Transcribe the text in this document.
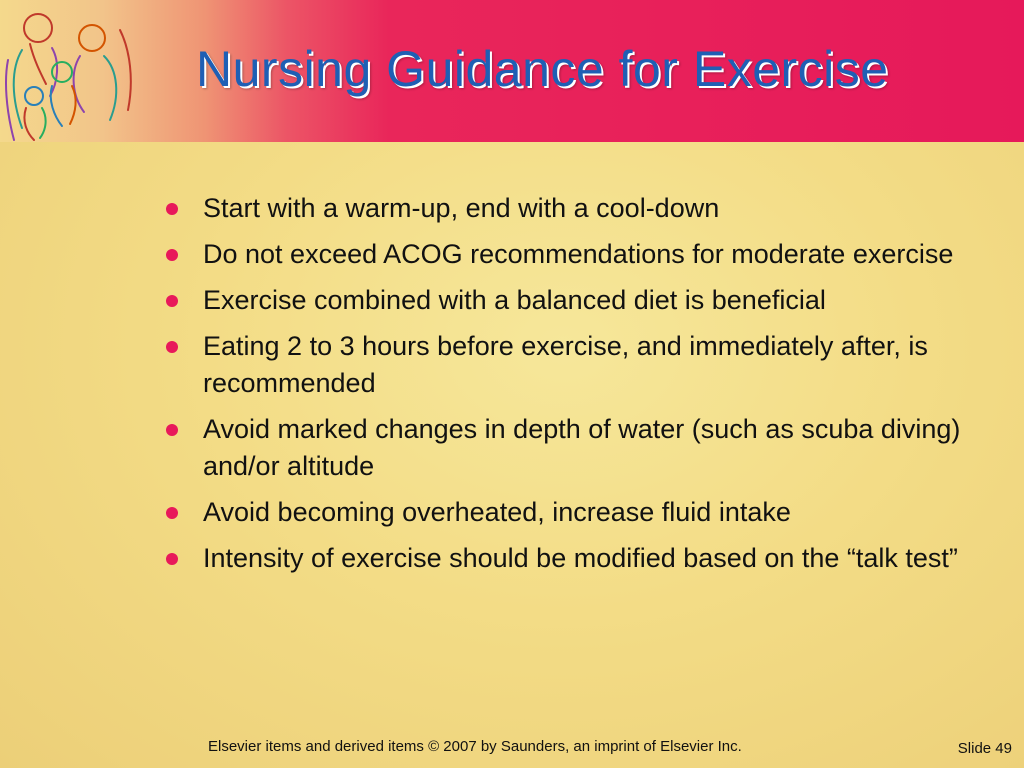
Nursing Guidance for Exercise
Start with a warm-up, end with a cool-down
Do not exceed ACOG recommendations for moderate exercise
Exercise combined with a balanced diet is beneficial
Eating 2 to 3 hours before exercise, and immediately after, is recommended
Avoid marked changes in depth of water (such as scuba diving) and/or altitude
Avoid becoming overheated, increase fluid intake
Intensity of exercise should be modified based on the “talk test”
Elsevier items and derived items © 2007 by Saunders, an imprint of Elsevier Inc.	Slide 49
